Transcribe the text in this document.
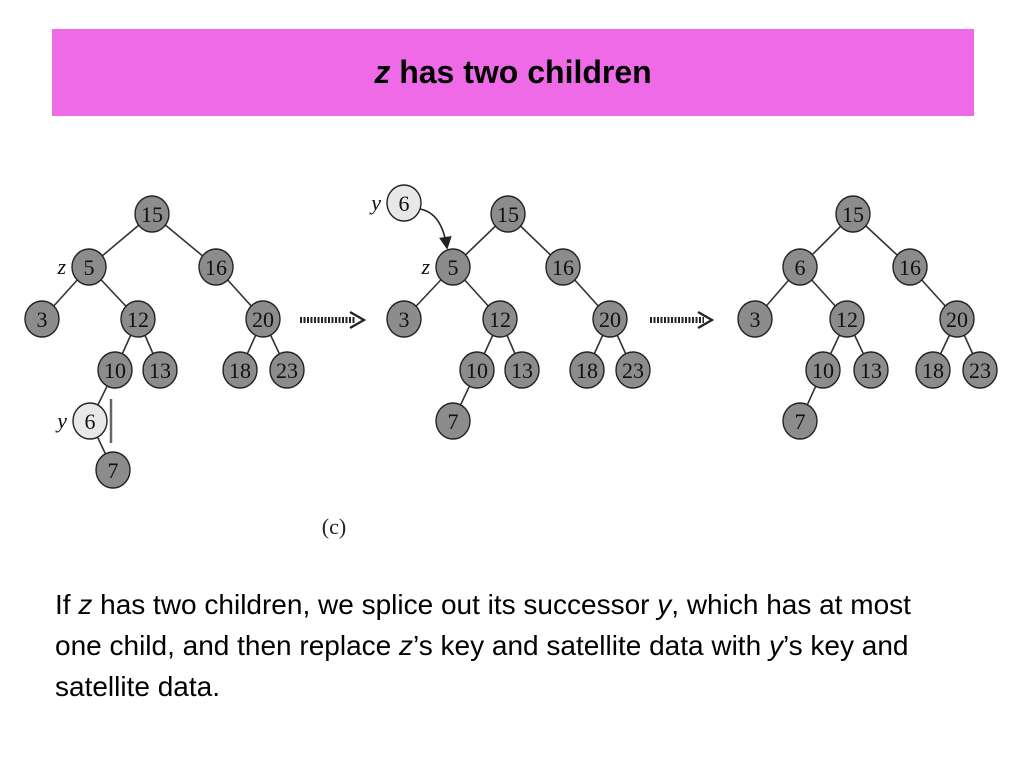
z has two children
15
5	16
3	12	20
10 13	18 23
6
7
6	15
5	16
3	12	20
10 13 18 23
7
15
6	16
3	12	20
10 13 18 23
7
z
y
y
z
(c)
If z has two children, we splice out its successor y, which has at most one child, and then replace z’s key and satellite data with y’s key and satellite data.
